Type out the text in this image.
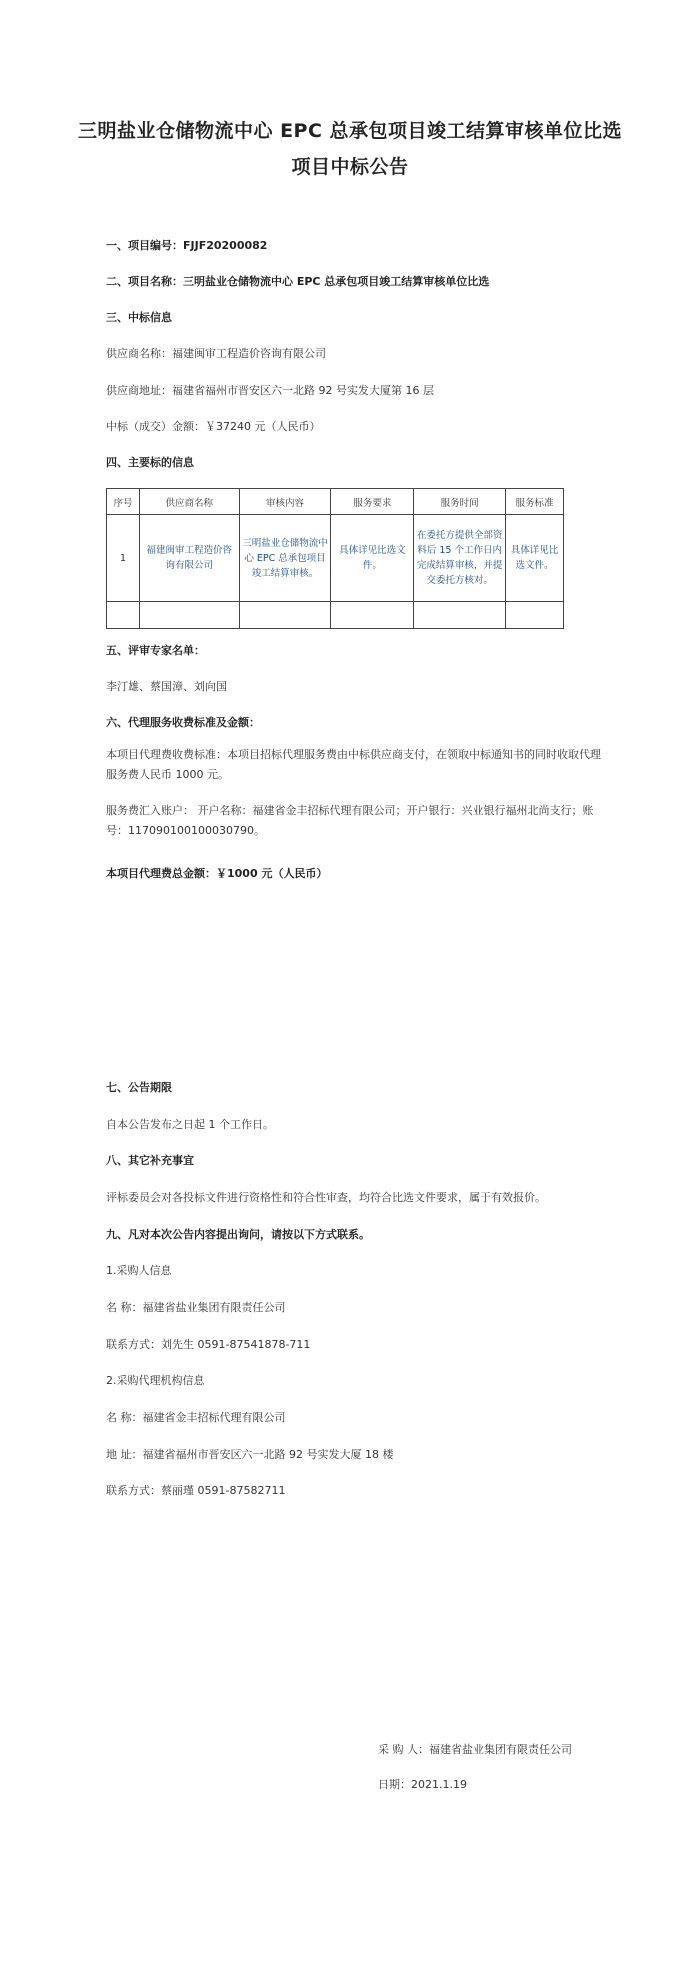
三明盐业仓储物流中心 EPC 总承包项目竣工结算审核单位比选
项目中标公告
一、项目编号：FJJF20200082
二、项目名称：三明盐业仓储物流中心 EPC 总承包项目竣工结算审核单位比选
三、中标信息
供应商名称：福建闽审工程造价咨询有限公司
供应商地址：福建省福州市晋安区六一北路 92 号实发大厦第 16 层
中标（成交）金额：￥37240 元（人民币）
四、主要标的信息
序号	供应商名称	审核内容	服务要求	服务时间	服务标准
1	福建闽审工程造价咨询有限公司	三明盐业仓储物流中心 EPC 总承包项目竣工结算审核。	具体详见比选文件。	在委托方提供全部资料后 15 个工作日内完成结算审核，并提交委托方核对。	具体详见比选文件。

五、评审专家名单：
李汀雄、蔡国漳、刘向国
六、代理服务收费标准及金额：
本项目代理费收费标准：本项目招标代理服务费由中标供应商支付，在领取中标通知书的同时收取代理服务费人民币 1000 元。
服务费汇入账户： 开户名称：福建省金丰招标代理有限公司；开户银行：兴业银行福州北尚支行；账号：117090100100030790。
本项目代理费总金额：￥1000 元（人民币）
七、公告期限
自本公告发布之日起 1 个工作日。
八、其它补充事宜
评标委员会对各投标文件进行资格性和符合性审查，均符合比选文件要求，属于有效报价。
九、凡对本次公告内容提出询问，请按以下方式联系。
1.采购人信息
名 称：福建省盐业集团有限责任公司
联系方式：刘先生 0591-87541878-711
2.采购代理机构信息
名 称：福建省金丰招标代理有限公司
地 址：福建省福州市晋安区六一北路 92 号实发大厦 18 楼
联系方式：蔡丽瑾 0591-87582711
采 购 人：福建省盐业集团有限责任公司
日期：2021.1.19
